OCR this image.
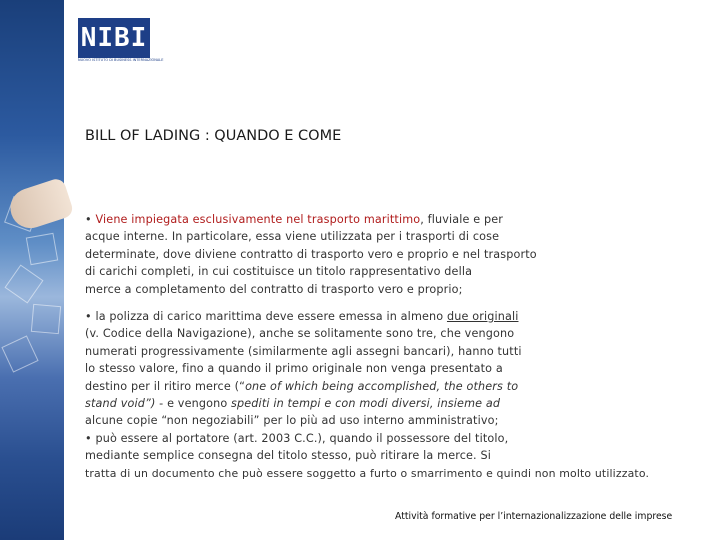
NIBI
NUOVO ISTITUTO DI BUSINESS INTERNAZIONALE
BILL OF LADING : QUANDO E COME
• Viene impiegata esclusivamente nel trasporto marittimo, fluviale e per
acque interne. In particolare, essa viene utilizzata per i trasporti di cose
determinate, dove diviene contratto di trasporto vero e proprio e nel trasporto
di carichi completi, in cui costituisce un titolo rappresentativo della
merce a completamento del contratto di trasporto vero e proprio;
• la polizza di carico marittima deve essere emessa in almeno due originali
(v. Codice della Navigazione), anche se solitamente sono tre, che vengono
numerati progressivamente (similarmente agli assegni bancari), hanno tutti
lo stesso valore, fino a quando il primo originale non venga presentato a
destino per il ritiro merce (“one of which being accomplished, the others to
stand void”) - e vengono spediti in tempi e con modi diversi, insieme ad
alcune copie “non negoziabili” per lo più ad uso interno amministrativo;
• può essere al portatore (art. 2003 C.C.), quando il possessore del titolo,
mediante semplice consegna del titolo stesso, può ritirare la merce. Si
tratta di un documento che può essere soggetto a furto o smarrimento e quindi non molto utilizzato.
Attività formative per l’internazionalizzazione delle imprese
